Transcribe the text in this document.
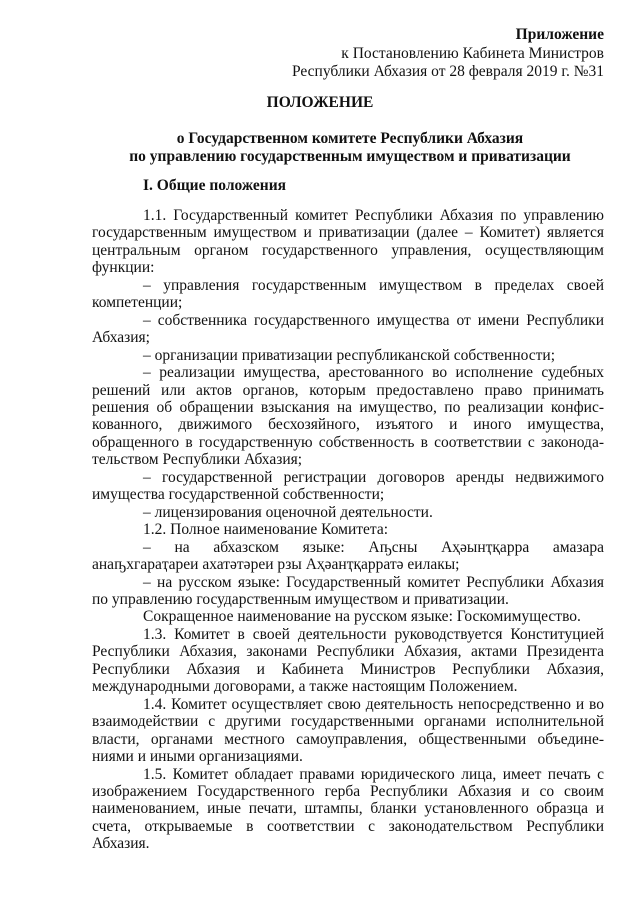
Приложение
к Постановлению Кабинета Министров
Республики Абхазия от 28 февраля 2019 г. №31
ПОЛОЖЕНИЕ
о Государственном комитете Республики Абхазия
по управлению государственным имуществом и приватизации
I. Общие положения
1.1. Государственный комитет Республики Абхазия по управлению
государственным имуществом и приватизации (далее – Комитет) является
центральным органом государственного управления, осуществляющим
функции:
– управления государственным имуществом в пределах своей
компетенции;
– собственника государственного имущества от имени Республики
Абхазия;
– организации приватизации республиканской собственности;
– реализации имущества, арестованного во исполнение судебных
решений или актов органов, которым предоставлено право принимать
решения об обращении взыскания на имущество, по реализации конфис-
кованного, движимого бесхозяйного, изъятого и иного имущества,
обращенного в государственную собственность в соответствии с законода-
тельством Республики Абхазия;
– государственной регистрации договоров аренды недвижимого
имущества государственной собственности;
– лицензирования оценочной деятельности.
1.2. Полное наименование Комитета:
– на абхазском языке: Аҧсны Аҳәынҭқарра амазара
анаҧхгараҭареи ахатәтәреи рзы Аҳәанҭқарратә еилакы;
– на русском языке: Государственный комитет Республики Абхазия
по управлению государственным имуществом и приватизации.
Сокращенное наименование на русском языке: Госкомимущество.
1.3. Комитет в своей деятельности руководствуется Конституцией
Республики Абхазия, законами Республики Абхазия, актами Президента
Республики Абхазия и Кабинета Министров Республики Абхазия,
международными договорами, а также настоящим Положением.
1.4. Комитет осуществляет свою деятельность непосредственно и во
взаимодействии с другими государственными органами исполнительной
власти, органами местного самоуправления, общественными объедине-
ниями и иными организациями.
1.5. Комитет обладает правами юридического лица, имеет печать с
изображением Государственного герба Республики Абхазия и со своим
наименованием, иные печати, штампы, бланки установленного образца и
счета, открываемые в соответствии с законодательством Республики
Абхазия.
